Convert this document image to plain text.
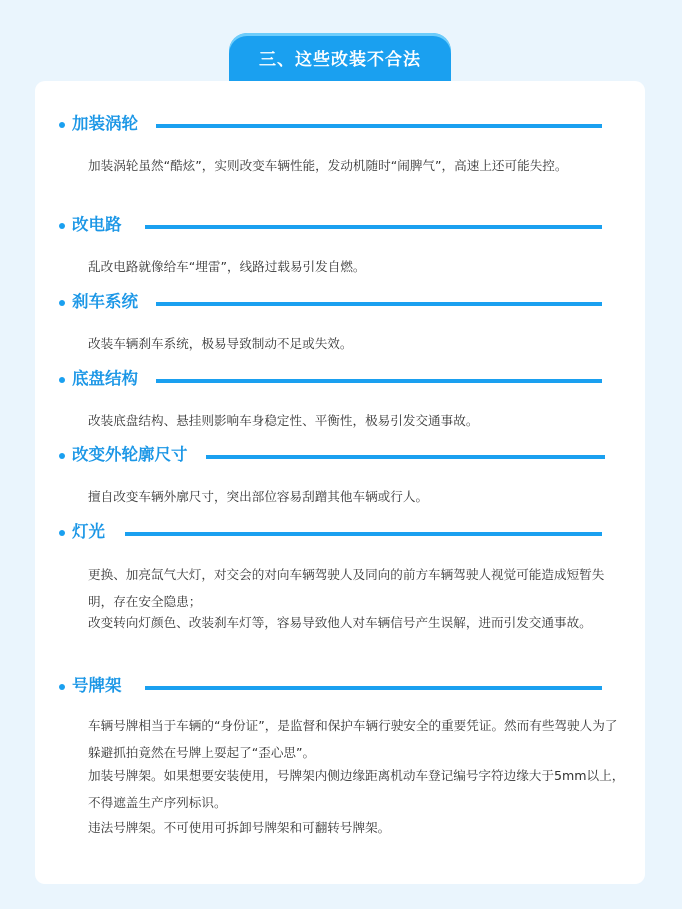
三、这些改装不合法
加装涡轮

加装涡轮虽然“酷炫”，实则改变车辆性能，发动机随时“闹脾气”，高速上还可能失控。

改电路

乱改电路就像给车“埋雷”，线路过载易引发自燃。

刹车系统

改装车辆刹车系统，极易导致制动不足或失效。

底盘结构

改装底盘结构、悬挂则影响车身稳定性、平衡性，极易引发交通事故。

改变外轮廓尺寸

擅自改变车辆外廓尺寸，突出部位容易刮蹭其他车辆或行人。

灯光

更换、加亮氙气大灯，对交会的对向车辆驾驶人及同向的前方车辆驾驶人视觉可能造成短暂失明，存在安全隐患；

改变转向灯颜色、改装刹车灯等，容易导致他人对车辆信号产生误解，进而引发交通事故。

号牌架

车辆号牌相当于车辆的“身份证”，是监督和保护车辆行驶安全的重要凭证。然而有些驾驶人为了躲避抓拍竟然在号牌上耍起了“歪心思”。

加装号牌架。如果想要安装使用，号牌架内侧边缘距离机动车登记编号字符边缘大于5mm以上，不得遮盖生产序列标识。

违法号牌架。不可使用可拆卸号牌架和可翻转号牌架。
